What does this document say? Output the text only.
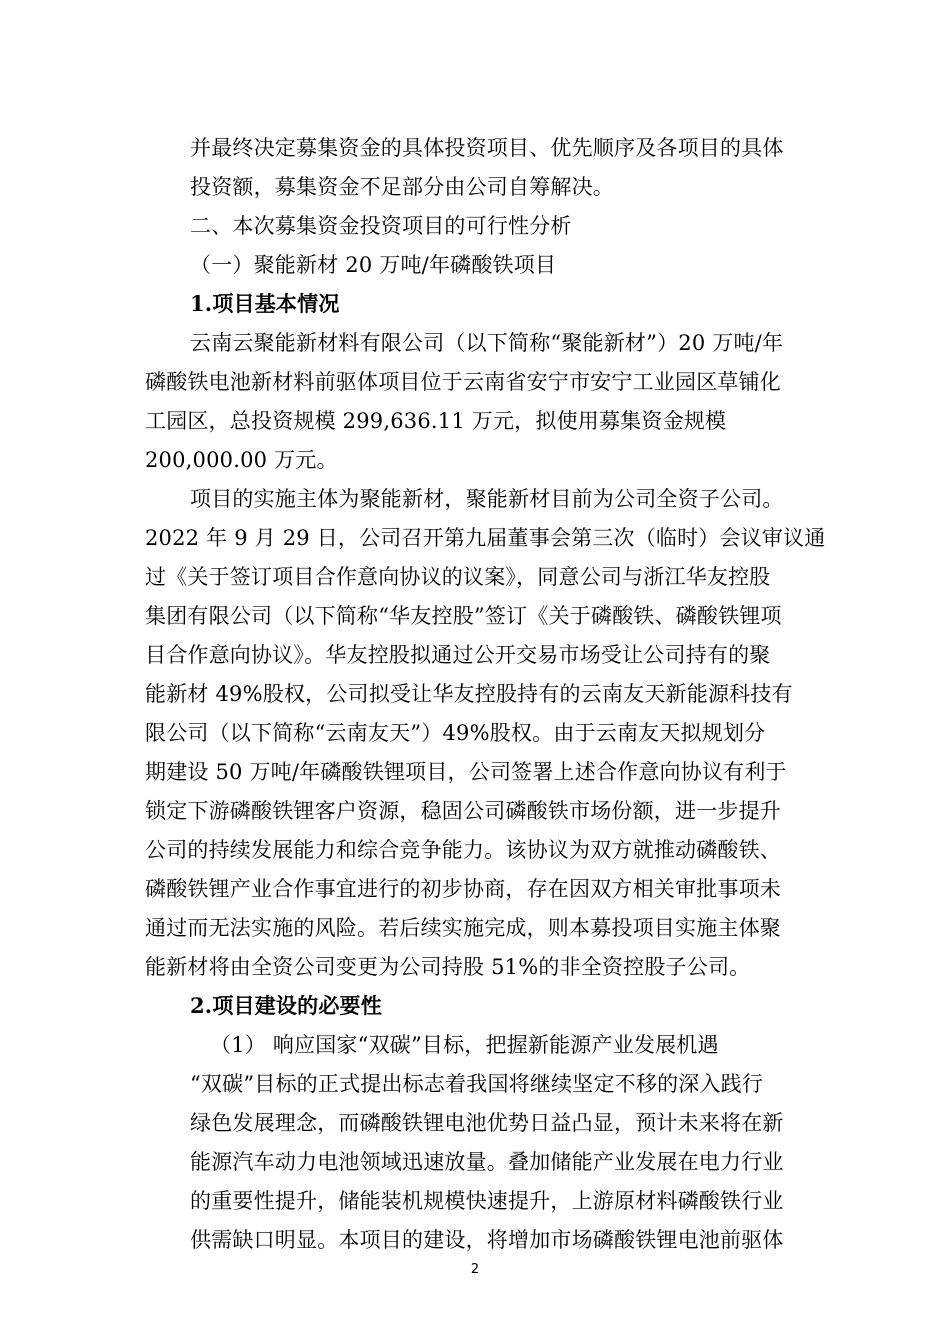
并最终决定募集资金的具体投资项目、优先顺序及各项目的具体
投资额，募集资金不足部分由公司自筹解决。
二、本次募集资金投资项目的可行性分析
（一）聚能新材 20 万吨/年磷酸铁项目
1.项目基本情况
云南云聚能新材料有限公司（以下简称“聚能新材”）20 万吨/年
磷酸铁电池新材料前驱体项目位于云南省安宁市安宁工业园区草铺化
工园区，总投资规模 299,636.11 万元，拟使用募集资金规模
200,000.00 万元。
项目的实施主体为聚能新材，聚能新材目前为公司全资子公司。
2022 年 9 月 29 日，公司召开第九届董事会第三次（临时）会议审议通
过《关于签订项目合作意向协议的议案》，同意公司与浙江华友控股
集团有限公司（以下简称“华友控股”签订《关于磷酸铁、磷酸铁锂项
目合作意向协议》。华友控股拟通过公开交易市场受让公司持有的聚
能新材 49%股权，公司拟受让华友控股持有的云南友天新能源科技有
限公司（以下简称“云南友天”）49%股权。由于云南友天拟规划分
期建设 50 万吨/年磷酸铁锂项目，公司签署上述合作意向协议有利于
锁定下游磷酸铁锂客户资源，稳固公司磷酸铁市场份额，进一步提升
公司的持续发展能力和综合竞争能力。该协议为双方就推动磷酸铁、
磷酸铁锂产业合作事宜进行的初步协商，存在因双方相关审批事项未
通过而无法实施的风险。若后续实施完成，则本募投项目实施主体聚
能新材将由全资公司变更为公司持股 51%的非全资控股子公司。
2.项目建设的必要性
（1） 响应国家“双碳”目标，把握新能源产业发展机遇
“双碳”目标的正式提出标志着我国将继续坚定不移的深入践行
绿色发展理念，而磷酸铁锂电池优势日益凸显，预计未来将在新
能源汽车动力电池领域迅速放量。叠加储能产业发展在电力行业
的重要性提升，储能装机规模快速提升，上游原材料磷酸铁行业
供需缺口明显。本项目的建设，将增加市场磷酸铁锂电池前驱体
2
